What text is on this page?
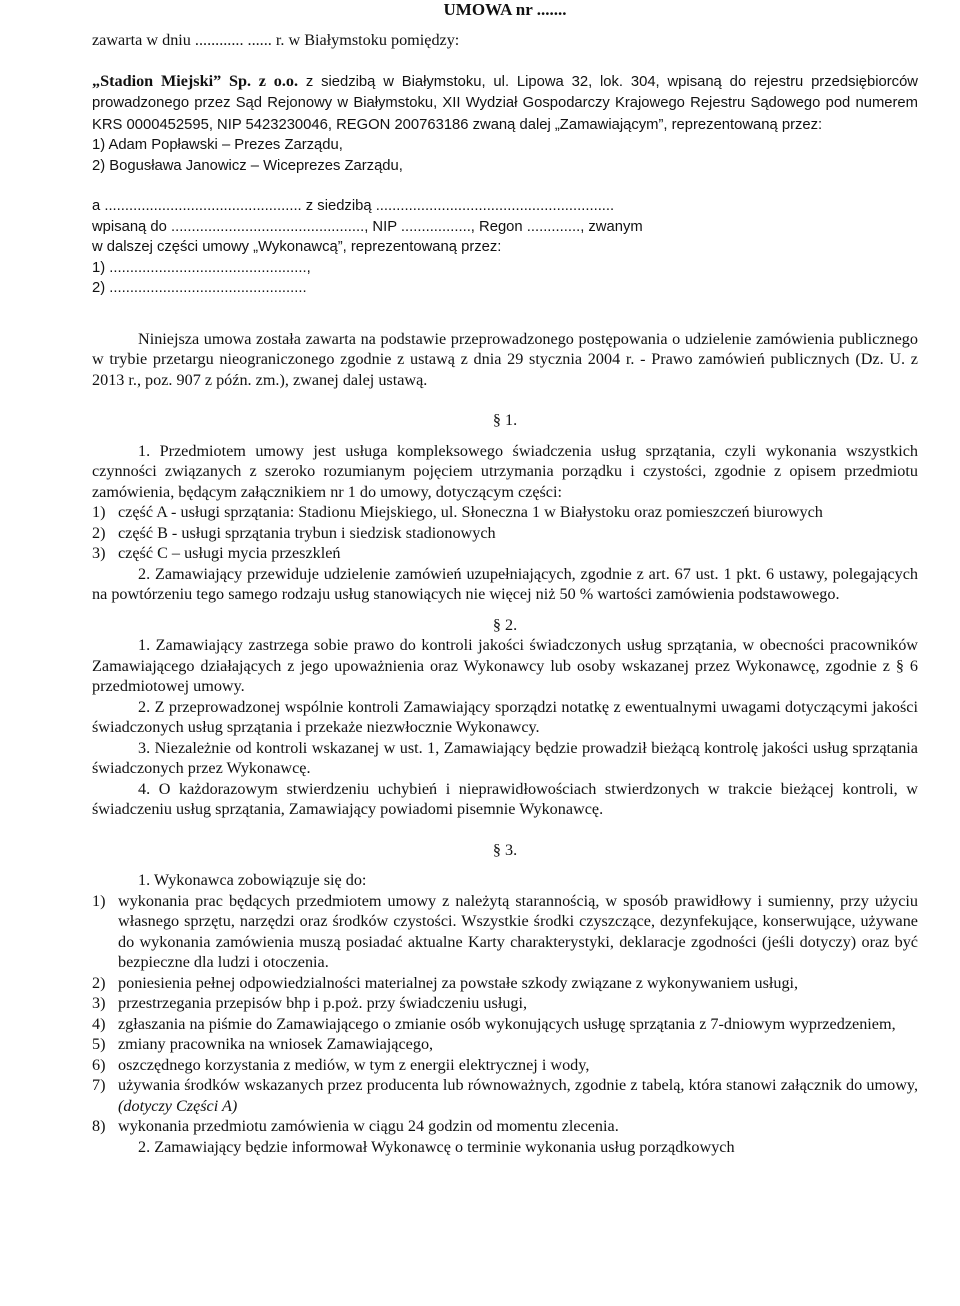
UMOWA nr .......

zawarta w dniu ............ ...... r. w Białymstoku pomiędzy:

„Stadion Miejski” Sp. z o.o. z siedzibą w Białymstoku, ul. Lipowa 32, lok. 304, wpisaną do rejestru przedsiębiorców prowadzonego przez Sąd Rejonowy w Białymstoku, XII Wydział Gospodarczy Krajowego Rejestru Sądowego pod numerem KRS 0000452595, NIP 5423230046, REGON 200763186 zwaną dalej „Zamawiającym”, reprezentowaną przez:

1) Adam Popławski – Prezes Zarządu,

2) Bogusława Janowicz – Wiceprezes Zarządu,

a ................................................ z siedzibą ..........................................................

wpisaną do ..............................................., NIP ................., Regon ............., zwanym

w dalszej części umowy „Wykonawcą”, reprezentowaną przez:

1) ................................................,

2) ................................................

Niniejsza umowa została zawarta na podstawie przeprowadzonego postępowania o udzielenie zamówienia publicznego w trybie przetargu nieograniczonego zgodnie z ustawą z dnia 29 stycznia 2004 r. - Prawo zamówień publicznych (Dz. U. z 2013 r., poz. 907 z późn. zm.), zwanej dalej ustawą.

§ 1.

1. Przedmiotem umowy jest usługa kompleksowego świadczenia usług sprzątania, czyli wykonania wszystkich czynności związanych z szeroko rozumianym pojęciem utrzymania porządku i czystości, zgodnie z opisem przedmiotu zamówienia, będącym załącznikiem nr 1 do umowy, dotyczącym części:

1) część A - usługi sprzątania: Stadionu Miejskiego, ul. Słoneczna 1 w Białystoku oraz pomieszczeń biurowych
2) część B - usługi sprzątania trybun i siedzisk stadionowych
3) część C – usługi mycia przeszkleń

2. Zamawiający przewiduje udzielenie zamówień uzupełniających, zgodnie z art. 67 ust. 1 pkt. 6 ustawy, polegających na powtórzeniu tego samego rodzaju usług stanowiących nie więcej niż 50 % wartości zamówienia podstawowego.

§ 2.

1. Zamawiający zastrzega sobie prawo do kontroli jakości świadczonych usług sprzątania, w obecności pracowników Zamawiającego działających z jego upoważnienia oraz Wykonawcy lub osoby wskazanej przez Wykonawcę, zgodnie z § 6 przedmiotowej umowy.

2. Z przeprowadzonej wspólnie kontroli Zamawiający sporządzi notatkę z ewentualnymi uwagami dotyczącymi jakości świadczonych usług sprzątania i przekaże niezwłocznie Wykonawcy.

3. Niezależnie od kontroli wskazanej w ust. 1, Zamawiający będzie prowadził bieżącą kontrolę jakości usług sprzątania świadczonych przez Wykonawcę.

4. O każdorazowym stwierdzeniu uchybień i nieprawidłowościach stwierdzonych w trakcie bieżącej kontroli, w świadczeniu usług sprzątania, Zamawiający powiadomi pisemnie Wykonawcę.

§ 3.

1. Wykonawca zobowiązuje się do:

1) wykonania prac będących przedmiotem umowy z należytą starannością, w sposób prawidłowy i sumienny, przy użyciu własnego sprzętu, narzędzi oraz środków czystości. Wszystkie środki czyszczące, dezynfekujące, konserwujące, używane do wykonania zamówienia muszą posiadać aktualne Karty charakterystyki, deklaracje zgodności (jeśli dotyczy) oraz być bezpieczne dla ludzi i otoczenia.
2) poniesienia pełnej odpowiedzialności materialnej za powstałe szkody związane z wykonywaniem usługi,
3) przestrzegania przepisów bhp i p.poż. przy świadczeniu usługi,
4) zgłaszania na piśmie do Zamawiającego o zmianie osób wykonujących usługę sprzątania z 7-dniowym wyprzedzeniem,
5) zmiany pracownika na wniosek Zamawiającego,
6) oszczędnego korzystania z mediów, w tym z energii elektrycznej i wody,
7) używania środków wskazanych przez producenta lub równoważnych, zgodnie z tabelą, która stanowi załącznik do umowy, (dotyczy Części A)
8) wykonania przedmiotu zamówienia w ciągu 24 godzin od momentu zlecenia.

2. Zamawiający będzie informował Wykonawcę o terminie wykonania usług porządkowych
